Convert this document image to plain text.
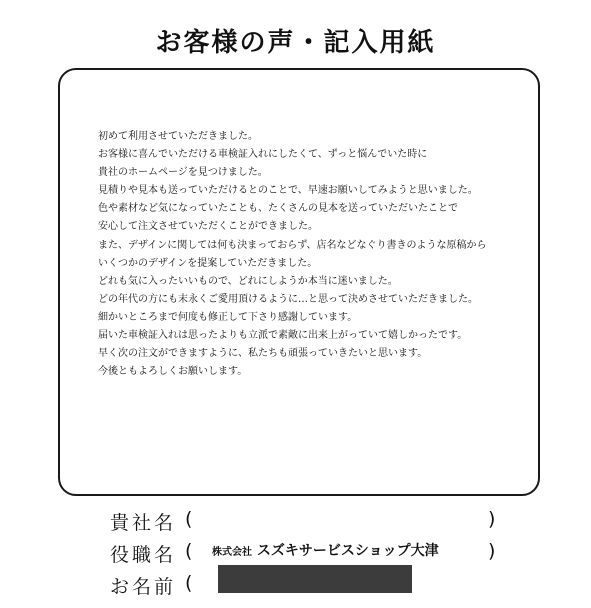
お客様の声・記入用紙
初めて利用させていただきました。
お客様に喜んでいただける車検証入れにしたくて、ずっと悩んでいた時に
貴社のホームページを見つけました。
見積りや見本も送っていただけるとのことで、早速お願いしてみようと思いました。
色や素材など気になっていたことも、たくさんの見本を送っていただいたことで
安心して注文させていただくことができました。
また、デザインに関しては何も決まっておらず、店名などなぐり書きのような原稿から
いくつかのデザインを提案していただきました。
どれも気に入ったいいもので、どれにしようか本当に迷いました。
どの年代の方にも末永くご愛用頂けるように…と思って決めさせていただきました。
細かいところまで何度も修正して下さり感謝しています。
届いた車検証入れは思ったよりも立派で素敵に出来上がっていて嬉しかったです。
早く次の注文ができますように、私たちも頑張っていきたいと思います。
今後ともよろしくお願いします。
貴社名 (	)
役職名 ( 株式会社 スズキサービスショップ大津	)
お名前 (
